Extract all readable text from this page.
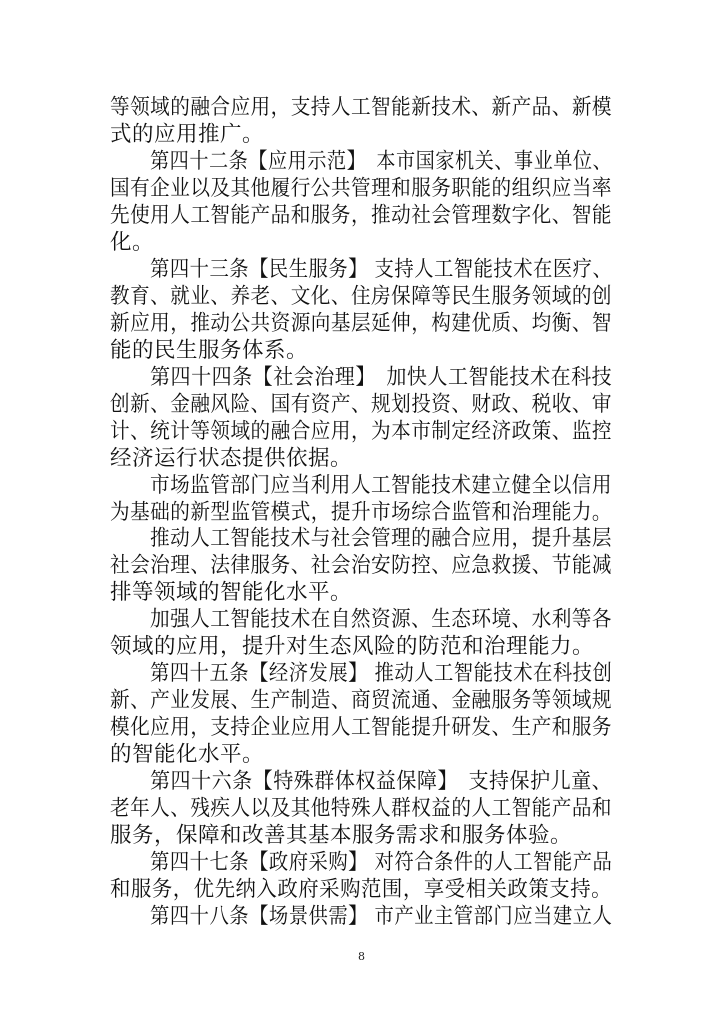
等领域的融合应用，支持人工智能新技术、新产品、新模
式的应用推广。
第四十二条【应用示范】　本市国家机关、事业单位、
国有企业以及其他履行公共管理和服务职能的组织应当率
先使用人工智能产品和服务，推动社会管理数字化、智能
化。
第四十三条【民生服务】 支持人工智能技术在医疗、
教育、就业、养老、文化、住房保障等民生服务领域的创
新应用，推动公共资源向基层延伸，构建优质、均衡、智
能的民生服务体系。
第四十四条【社会治理】　加快人工智能技术在科技
创新、金融风险、国有资产、规划投资、财政、税收、审
计、统计等领域的融合应用，为本市制定经济政策、监控
经济运行状态提供依据。
市场监管部门应当利用人工智能技术建立健全以信用
为基础的新型监管模式，提升市场综合监管和治理能力。
推动人工智能技术与社会管理的融合应用，提升基层
社会治理、法律服务、社会治安防控、应急救援、节能减
排等领域的智能化水平。
加强人工智能技术在自然资源、生态环境、水利等各
领域的应用，提升对生态风险的防范和治理能力。
第四十五条【经济发展】 推动人工智能技术在科技创
新、产业发展、生产制造、商贸流通、金融服务等领域规
模化应用，支持企业应用人工智能提升研发、生产和服务
的智能化水平。
第四十六条【特殊群体权益保障】　支持保护儿童、
老年人、残疾人以及其他特殊人群权益的人工智能产品和
服务，保障和改善其基本服务需求和服务体验。
第四十七条【政府采购】 对符合条件的人工智能产品
和服务，优先纳入政府采购范围，享受相关政策支持。
第四十八条【场景供需】 市产业主管部门应当建立人
8
